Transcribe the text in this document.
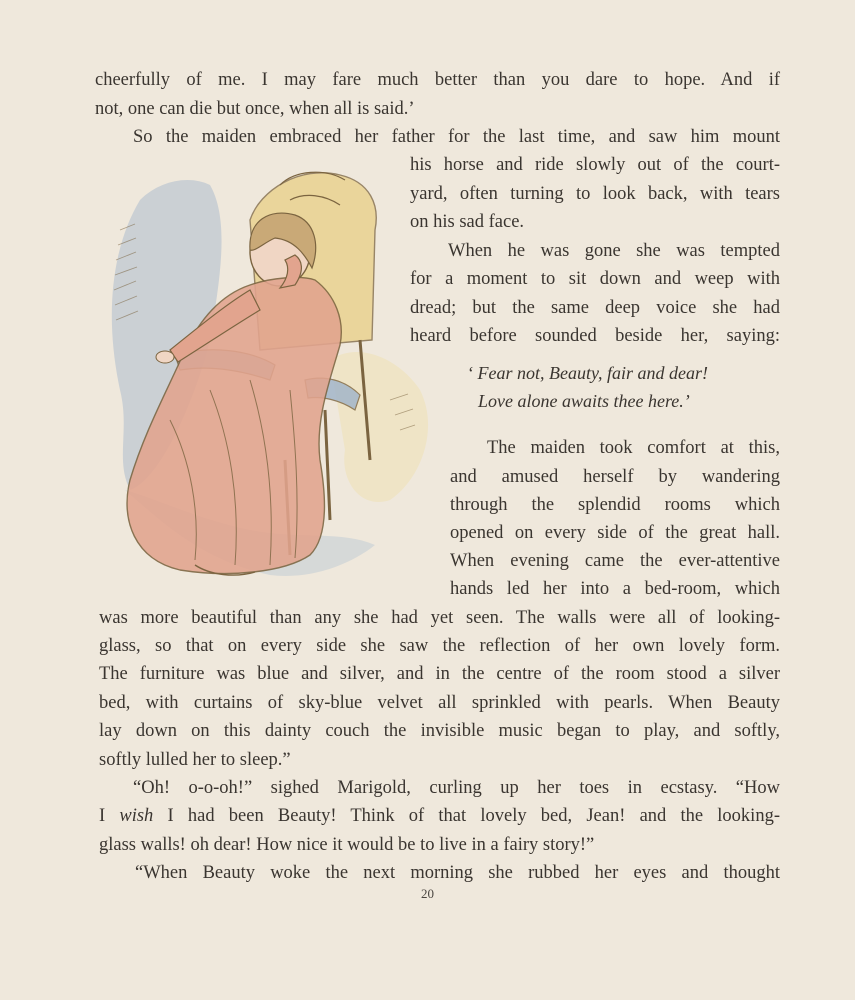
cheerfully of me. I may fare much better than you dare to hope. And if
not, one can die but once, when all is said.’
So the maiden embraced her father for the last time, and saw him mount
his horse and ride slowly out of the court-
yard, often turning to look back, with tears
on his sad face.
When he was gone she was tempted
for a moment to sit down and weep with
dread; but the same deep voice she had
heard before sounded beside her, saying:
‘ Fear not, Beauty, fair and dear!
Love alone awaits thee here.’
The maiden took comfort at this,
and amused herself by wandering
through the splendid rooms which
opened on every side of the great hall.
When evening came the ever-attentive
hands led her into a bed-room, which
was more beautiful than any she had yet seen. The walls were all of looking-
glass, so that on every side she saw the reflection of her own lovely form.
The furniture was blue and silver, and in the centre of the room stood a silver
bed, with curtains of sky-blue velvet all sprinkled with pearls. When Beauty
lay down on this dainty couch the invisible music began to play, and softly,
softly lulled her to sleep.”
“Oh! o-o-oh!” sighed Marigold, curling up her toes in ecstasy. “How
I wish I had been Beauty! Think of that lovely bed, Jean! and the looking-
glass walls! oh dear! How nice it would be to live in a fairy story!”
“When Beauty woke the next morning she rubbed her eyes and thought
20
